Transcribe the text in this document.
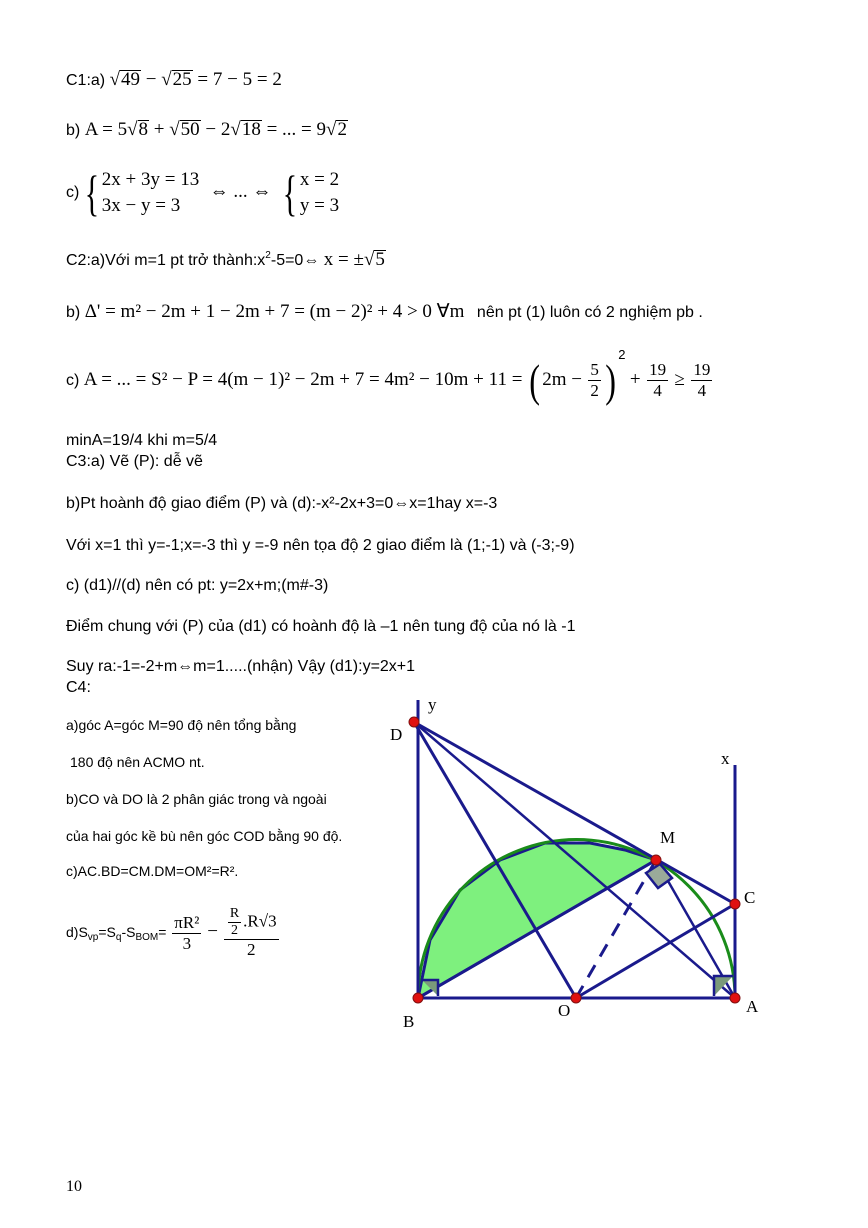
C1:a) √49 − √25 = 7 − 5 = 2
b) A = 5√8 + √50 − 2√18 = ... = 9√2
c) { 2x + 3y = 13
3x − y = 3
⇔ ... ⇔ { x = 2
y = 3
C2:a)Với m=1 pt trở $thành:x^2-5=0\Leftrightarrow$ x = ±√5
b) Δ' = m² − 2m + 1 − 2m + 7 = (m − 2)² + 4 > 0 ∀m nên pt (1) luôn có 2 nghiệm pb .
c) A = ... = S² − P = 4(m − 1)² − 2m + 7 = 4m² − 10m + 11 = ( $2m - \frac{5}{2} )^2 + \frac{19}{4} \ge \frac{19}{4}$
minA=19/4 khi m=5/4
C3:a) Vẽ (P): dễ vẽ
b)Pt hoành độ giao điểm (P) và (d):-x²-2x+3=0⇔x=1hay x=-3
Với x=1 thì y=-1;x=-3 thì y =-9 nên tọa độ 2 giao điểm là (1;-1) và (-3;-9)
c) (d1)//(d) nên có pt: y=2x+m;(m#-3)
Điểm chung với (P) của (d1) có hoành độ là –1 nên tung độ của nó là -1
Suy ra:-1=-2+m⇔m=1.....(nhận) Vậy (d1):y=2x+1
C4:
a)góc A=góc M=90 độ nên tổng bằng
180 độ nên ACMO nt.
b)CO và DO là 2 phân giác trong và ngoài
của hai góc kề bù nên góc COD bằng 90 độ.
c)AC.BD=CM.DM=OM²=R².
$d)S_{vp}=S_q-S_{BOM}= \frac{\text{πR²}}{3} - \frac{\frac{R}{2} .R√3}{2}$
y
x
D
M
C
B
O	A
10
